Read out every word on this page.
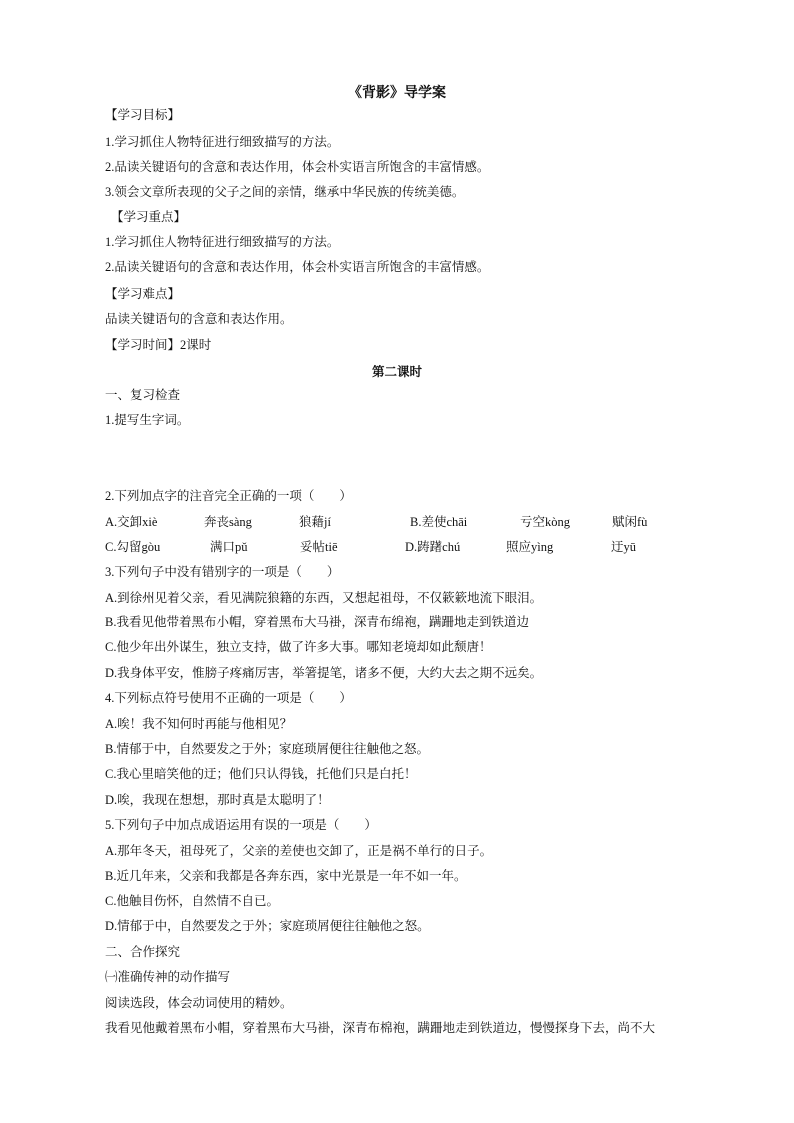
《背影》导学案
【学习目标】
1.学习抓住人物特征进行细致描写的方法。
2.品读关键语句的含意和表达作用，体会朴实语言所饱含的丰富情感。
3.领会文章所表现的父子之间的亲情，继承中华民族的传统美德。
【学习重点】
1.学习抓住人物特征进行细致描写的方法。
2.品读关键语句的含意和表达作用，体会朴实语言所饱含的丰富情感。
【学习难点】
品读关键语句的含意和表达作用。
【学习时间】2课时
第二课时
一、复习检查
1.提写生字词。
2.下列加点字的注音完全正确的一项（　　）
A.交卸xiè	奔丧sàng	狼藉jí	B.差使chāi	亏空kòng	赋闲fù
C.勾留gòu	满口pǔ	妥帖tiē	D.踌躇chú	照应yìng	迂yū
3.下列句子中没有错别字的一项是（　　）
A.到徐州见着父亲，看见满院狼籍的东西，又想起祖母，不仅簌簌地流下眼泪。
B.我看见他带着黑布小帽，穿着黑布大马褂，深青布绵袍，蹒跚地走到铁道边
C.他少年出外谋生，独立支持，做了许多大事。哪知老境却如此颓唐！
D.我身体平安，惟膀子疼痛厉害，举箸提笔，诸多不便，大约大去之期不远矣。
4.下列标点符号使用不正确的一项是（　　）
A.唉！我不知何时再能与他相见？
B.情郁于中，自然要发之于外；家庭琐屑便往往触他之怒。
C.我心里暗笑他的迂；他们只认得钱，托他们只是白托！
D.唉，我现在想想，那时真是太聪明了！
5.下列句子中加点成语运用有误的一项是（　　）
A.那年冬天，祖母死了，父亲的差使也交卸了，正是祸不单行的日子。
B.近几年来，父亲和我都是各奔东西，家中光景是一年不如一年。
C.他触目伤怀，自然情不自已。
D.情郁于中，自然要发之于外；家庭琐屑便往往触他之怒。
二、合作探究
㈠准确传神的动作描写
阅读选段，体会动词使用的精妙。
我看见他戴着黑布小帽，穿着黑布大马褂，深青布棉袍，蹒跚地走到铁道边，慢慢探身下去，尚不大
